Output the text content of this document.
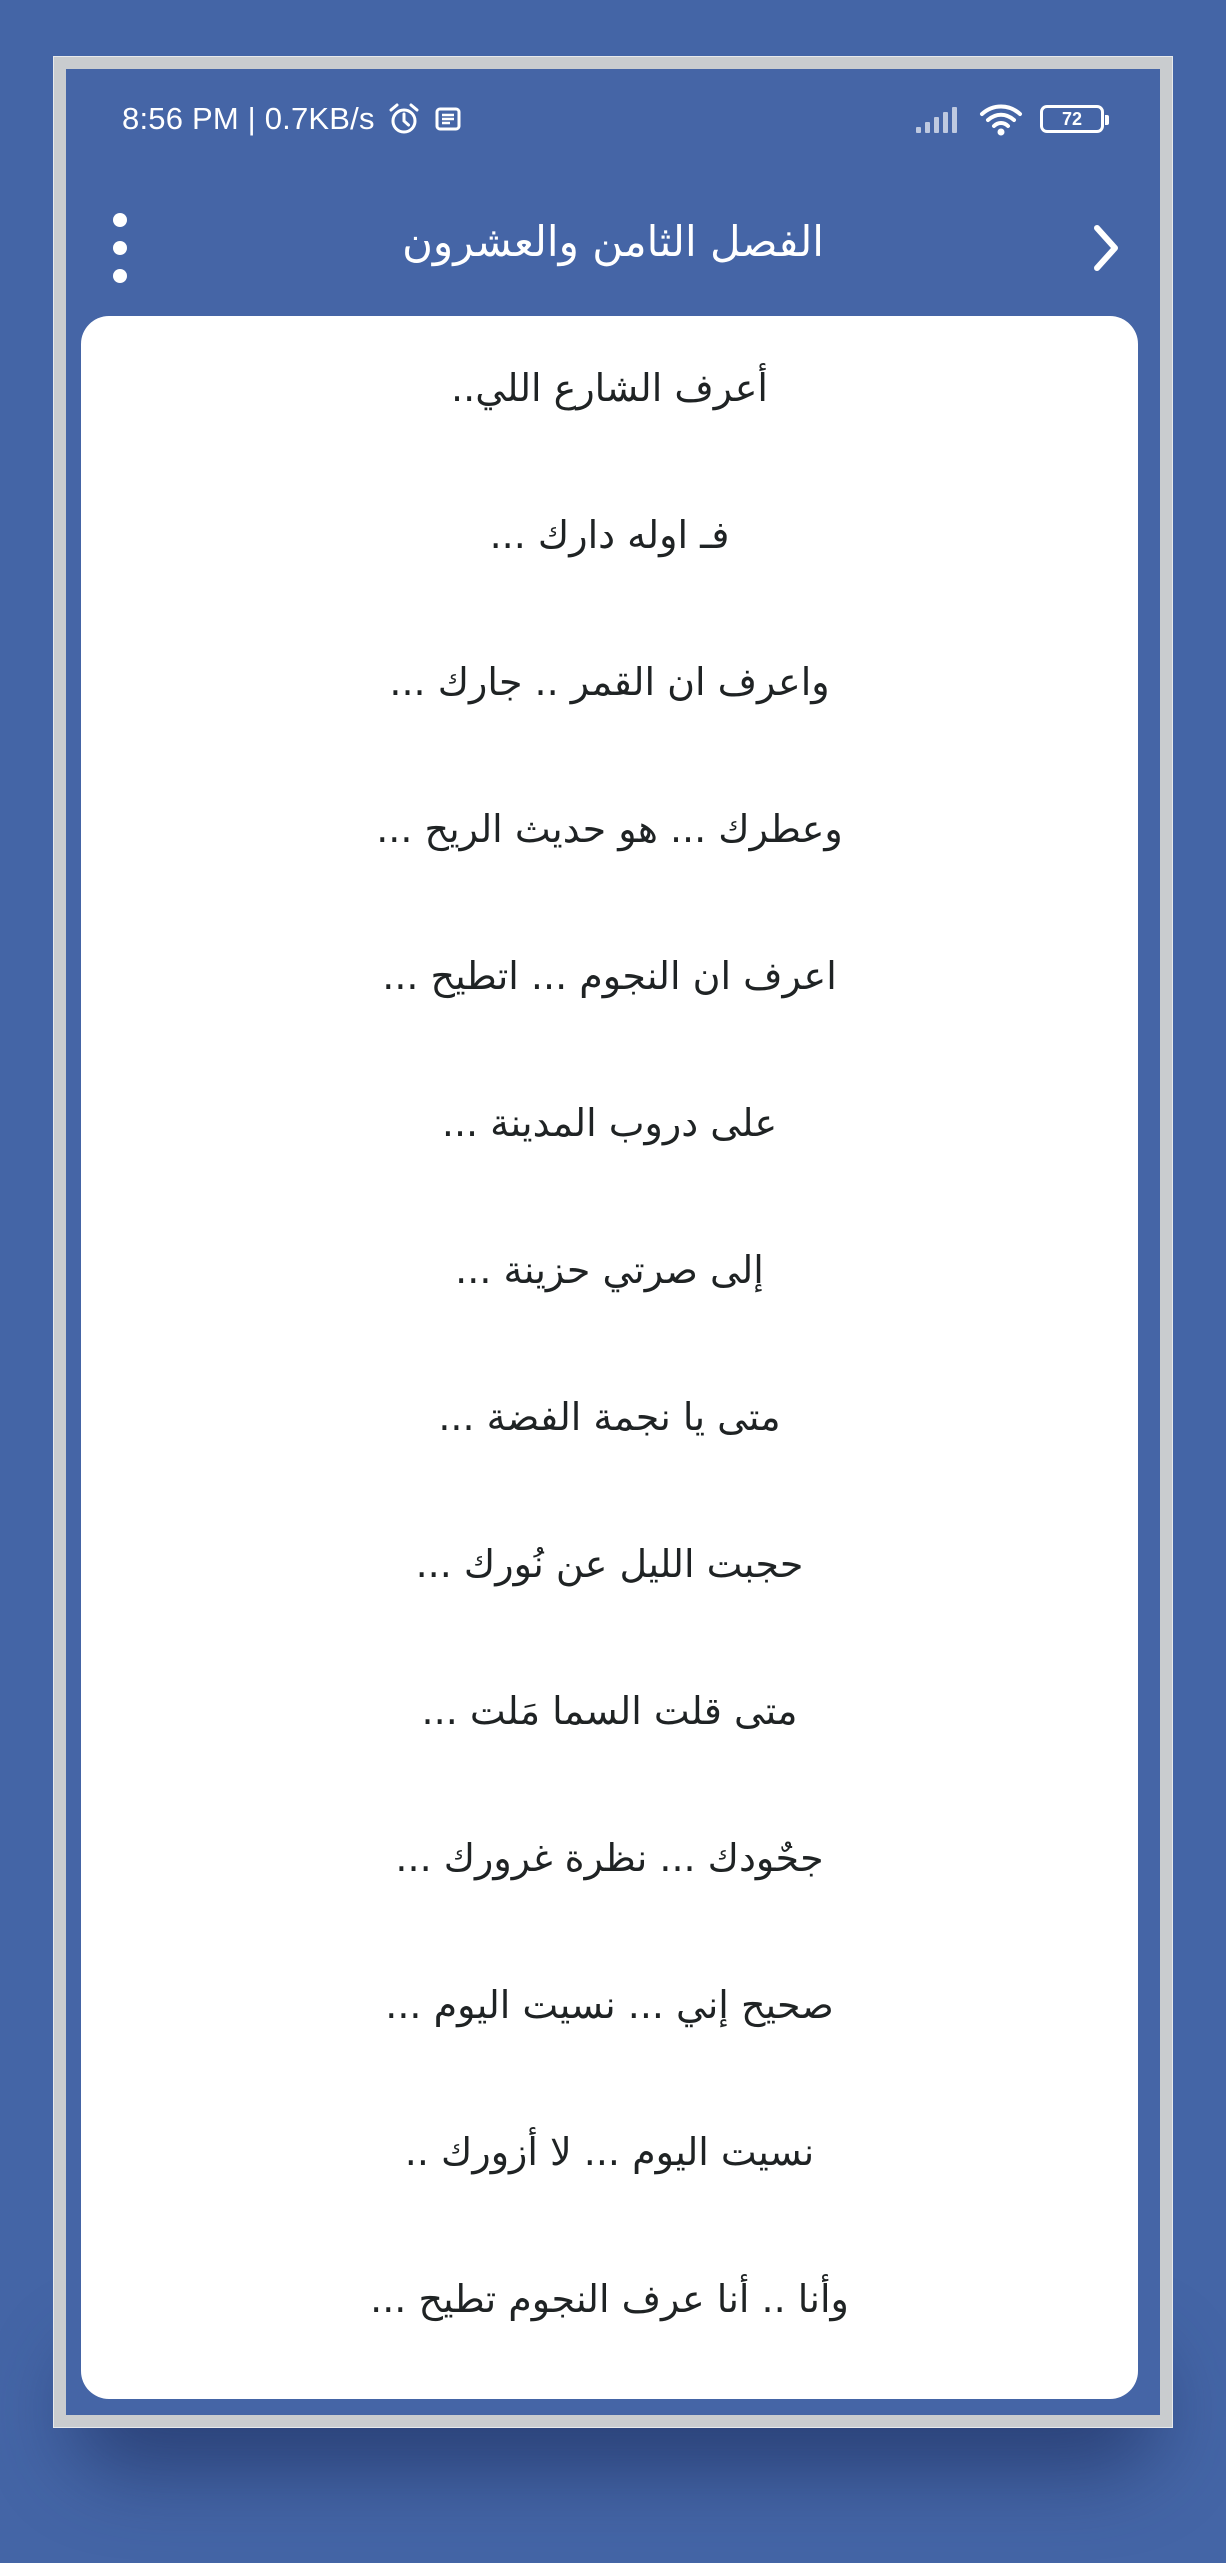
8:56 PM | 0.7KB/s	72
الفصل الثامن والعشرون
أعرف الشارع اللي..
فـ اوله دارك ...
واعرف ان القمر .. جارك ...
وعطرك ... هو حديث الريح ...
اعرف ان النجوم ... اتطيح ...
على دروب المدينة ...
إلى صرتي حزينة ...
متى يا نجمة الفضة ...
حجبت الليل عن نُورك ...
متى قلت السما مَلت ...
جحٌودك ... نظرة غرورك ...
صحيح إني ... نسيت اليوم ...
نسيت اليوم ... لا أزورك ..
وأنا .. أنا عرف النجوم تطيح ...
